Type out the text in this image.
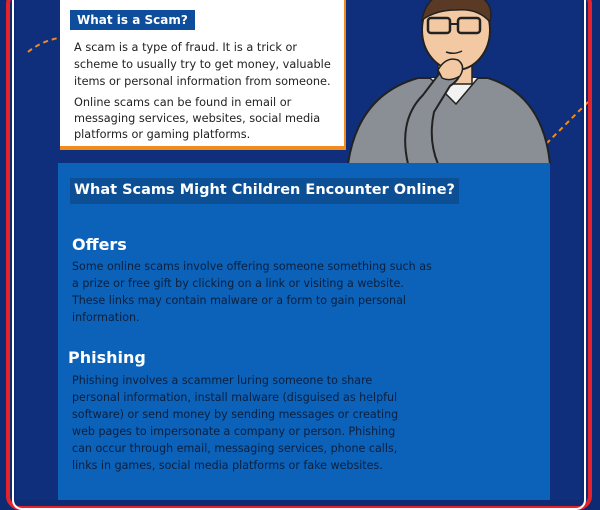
What is a Scam?
A scam is a type of fraud. It is a trick or scheme to usually try to get money, valuable items or personal information from someone.
Online scams can be found in email or messaging services, websites, social media platforms or gaming platforms.
What Scams Might Children Encounter Online?
Offers
Some online scams involve offering someone something such as a prize or free gift by clicking on a link or visiting a website. These links may contain malware or a form to gain personal information.
Phishing
Phishing involves a scammer luring someone to share personal information, install malware (disguised as helpful software) or send money by sending messages or creating web pages to impersonate a company or person. Phishing can occur through email, messaging services, phone calls, links in games, social media platforms or fake websites.
